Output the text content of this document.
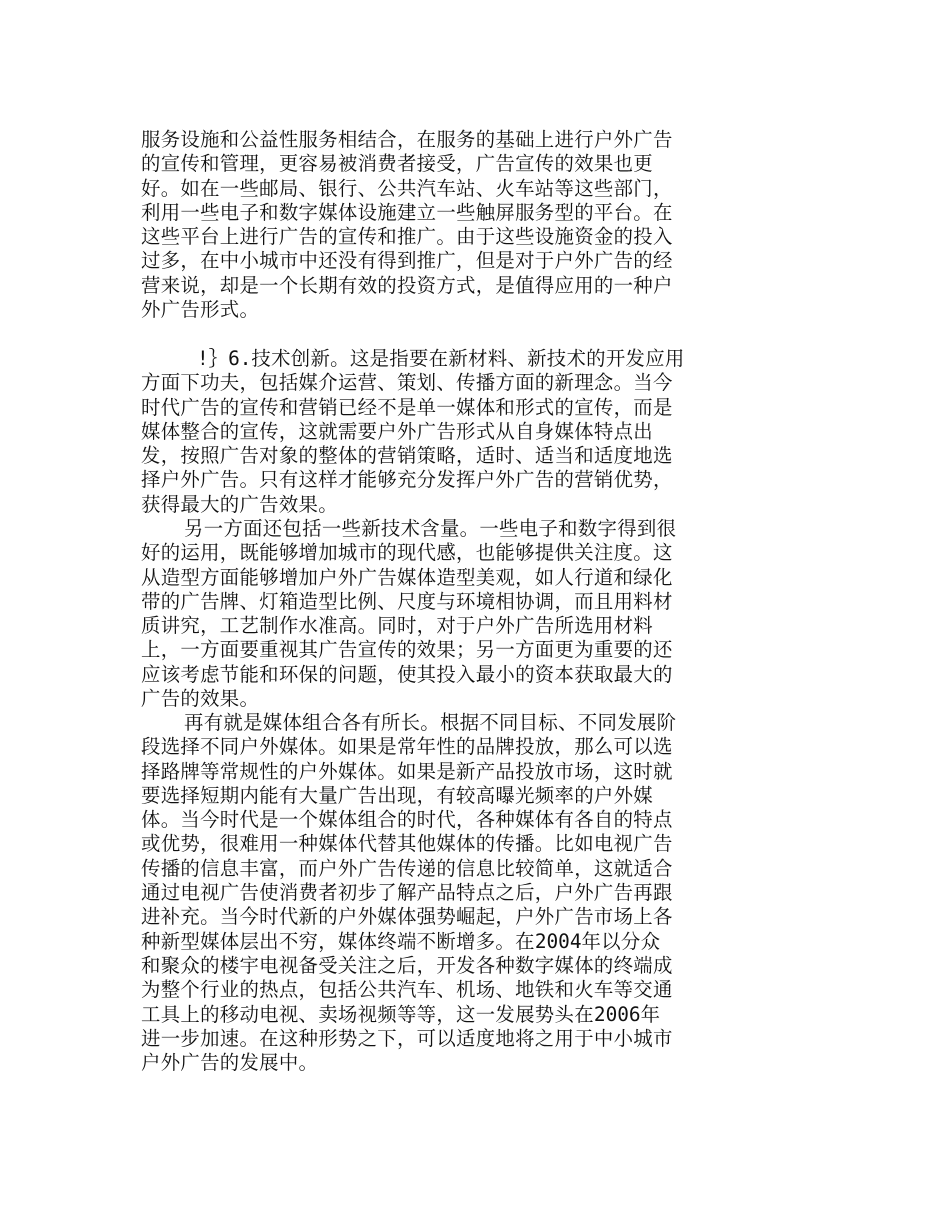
服务设施和公益性服务相结合，在服务的基础上进行户外广告
的宣传和管理，更容易被消费者接受，广告宣传的效果也更
好。如在一些邮局、银行、公共汽车站、火车站等这些部门，
利用一些电子和数字媒体设施建立一些触屏服务型的平台。在
这些平台上进行广告的宣传和推广。由于这些设施资金的投入
过多，在中小城市中还没有得到推广，但是对于户外广告的经
营来说，却是一个长期有效的投资方式，是值得应用的一种户
外广告形式。
!｝6.技术创新。这是指要在新材料、新技术的开发应用
方面下功夫，包括媒介运营、策划、传播方面的新理念。当今
时代广告的宣传和营销已经不是单一媒体和形式的宣传，而是
媒体整合的宣传，这就需要户外广告形式从自身媒体特点出
发，按照广告对象的整体的营销策略，适时、适当和适度地选
择户外广告。只有这样才能够充分发挥户外广告的营销优势，
获得最大的广告效果。
另一方面还包括一些新技术含量。一些电子和数字得到很
好的运用，既能够增加城市的现代感，也能够提供关注度。这
从造型方面能够增加户外广告媒体造型美观，如人行道和绿化
带的广告牌、灯箱造型比例、尺度与环境相协调，而且用料材
质讲究，工艺制作水准高。同时，对于户外广告所选用材料
上，一方面要重视其广告宣传的效果；另一方面更为重要的还
应该考虑节能和环保的问题，使其投入最小的资本获取最大的
广告的效果。
再有就是媒体组合各有所长。根据不同目标、不同发展阶
段选择不同户外媒体。如果是常年性的品牌投放，那么可以选
择路牌等常规性的户外媒体。如果是新产品投放市场，这时就
要选择短期内能有大量广告出现，有较高曝光频率的户外媒
体。当今时代是一个媒体组合的时代，各种媒体有各自的特点
或优势，很难用一种媒体代替其他媒体的传播。比如电视广告
传播的信息丰富，而户外广告传递的信息比较简单，这就适合
通过电视广告使消费者初步了解产品特点之后，户外广告再跟
进补充。当今时代新的户外媒体强势崛起，户外广告市场上各
种新型媒体层出不穷，媒体终端不断增多。在2004年以分众
和聚众的楼宇电视备受关注之后，开发各种数字媒体的终端成
为整个行业的热点，包括公共汽车、机场、地铁和火车等交通
工具上的移动电视、卖场视频等等，这一发展势头在2006年
进一步加速。在这种形势之下，可以适度地将之用于中小城市
户外广告的发展中。
